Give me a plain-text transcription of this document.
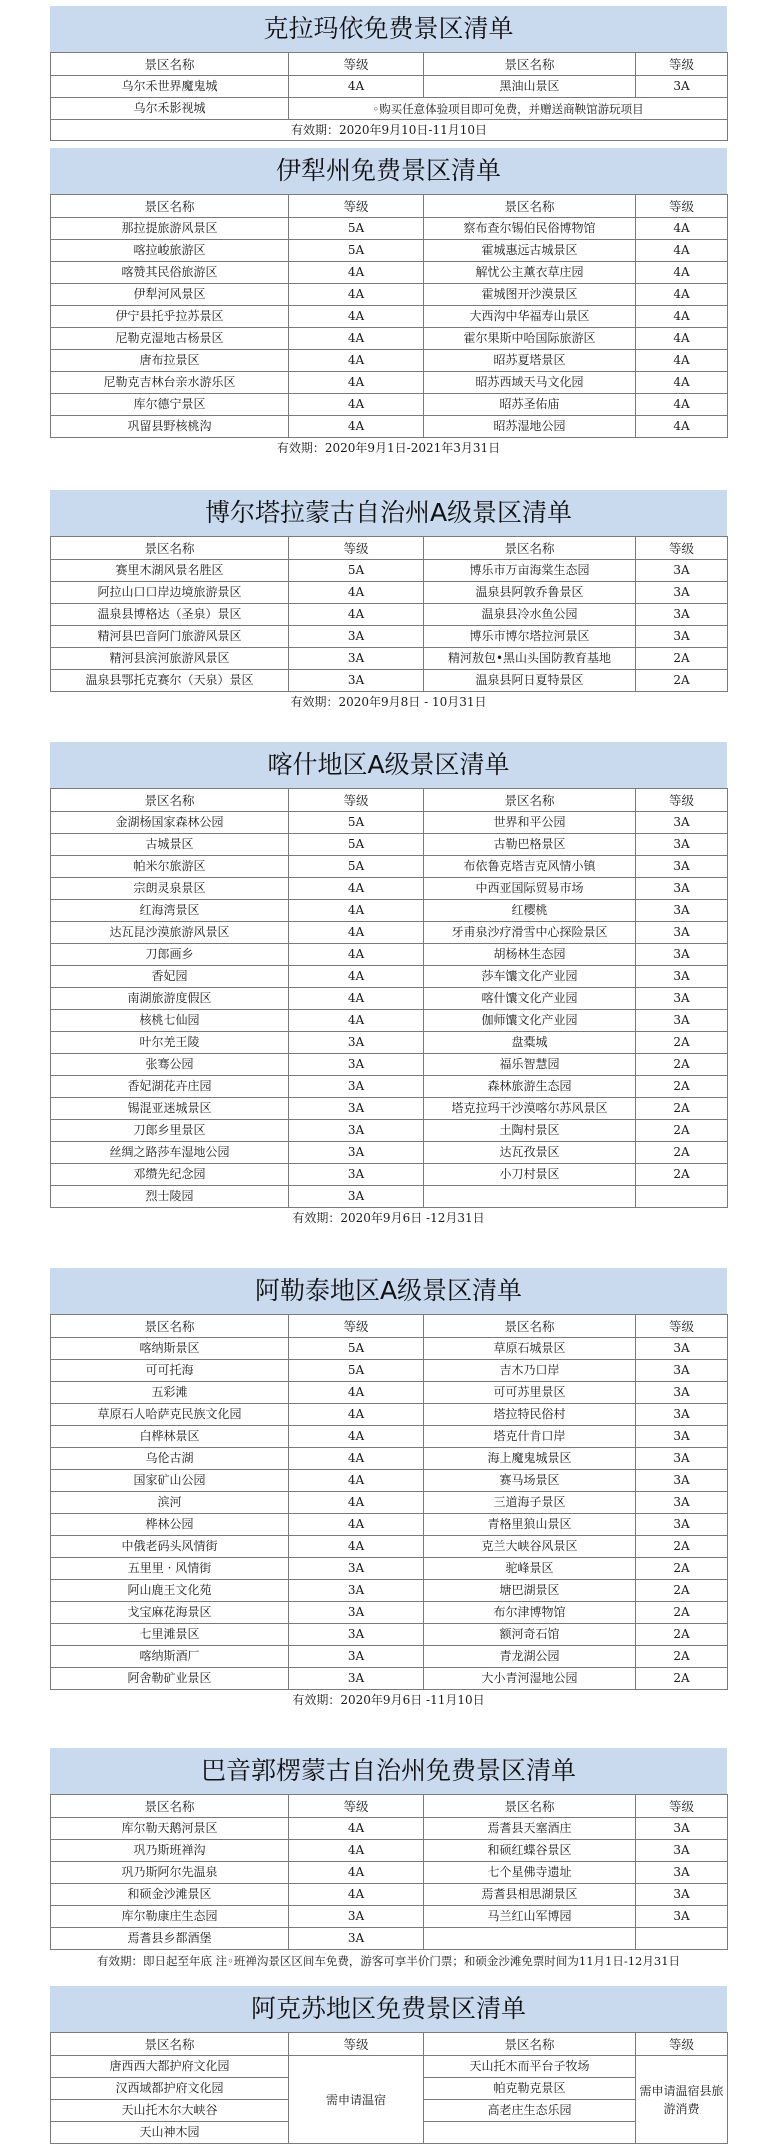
克拉玛依免费景区清单
景区名称	等级	景区名称	等级
乌尔禾世界魔鬼城	4A	黑油山景区	3A
乌尔禾影视城	◦购买任意体验项目即可免费，并赠送商鞅馆游玩项目		
有效期：2020年9月10日-11月10日			
伊犁州免费景区清单
景区名称	等级	景区名称	等级
那拉提旅游风景区	5A	察布查尔锡伯民俗博物馆	4A
喀拉峻旅游区	5A	霍城惠远古城景区	4A
喀赞其民俗旅游区	4A	解忧公主薰衣草庄园	4A
伊犁河风景区	4A	霍城图开沙漠景区	4A
伊宁县托乎拉苏景区	4A	大西沟中华福寿山景区	4A
尼勒克湿地古杨景区	4A	霍尔果斯中哈国际旅游区	4A
唐布拉景区	4A	昭苏夏塔景区	4A
尼勒克吉林台亲水游乐区	4A	昭苏西域天马文化园	4A
库尔德宁景区	4A	昭苏圣佑庙	4A
巩留县野核桃沟	4A	昭苏湿地公园	4A
有效期：2020年9月1日-2021年3月31日
博尔塔拉蒙古自治州A级景区清单
景区名称	等级	景区名称	等级
赛里木湖风景名胜区	5A	博乐市万亩海棠生态园	3A
阿拉山口口岸边境旅游景区	4A	温泉县阿敦乔鲁景区	3A
温泉县博格达（圣泉）景区	4A	温泉县冷水鱼公园	3A
精河县巴音阿门旅游风景区	3A	博乐市博尔塔拉河景区	3A
精河县滨河旅游风景区	3A	精河敖包•黑山头国防教育基地	2A
温泉县鄂托克赛尔（天泉）景区	3A	温泉县阿日夏特景区	2A
有效期：2020年9月8日 - 10月31日
喀什地区A级景区清单
景区名称	等级	景区名称	等级
金湖杨国家森林公园	5A	世界和平公园	3A
古城景区	5A	古勒巴格景区	3A
帕米尔旅游区	5A	布依鲁克塔吉克风情小镇	3A
宗朗灵泉景区	4A	中西亚国际贸易市场	3A
红海湾景区	4A	红樱桃	3A
达瓦昆沙漠旅游风景区	4A	牙甫泉沙疗滑雪中心探险景区	3A
刀郎画乡	4A	胡杨林生态园	3A
香妃园	4A	莎车馕文化产业园	3A
南湖旅游度假区	4A	喀什馕文化产业园	3A
核桃七仙园	4A	伽师馕文化产业园	3A
叶尔羌王陵	3A	盘橐城	2A
张骞公园	3A	福乐智慧园	2A
香妃湖花卉庄园	3A	森林旅游生态园	2A
锡混亚迷城景区	3A	塔克拉玛干沙漠喀尔苏风景区	2A
刀郎乡里景区	3A	土陶村景区	2A
丝绸之路莎车湿地公园	3A	达瓦孜景区	2A
邓缵先纪念园	3A	小刀村景区	2A
烈士陵园	3A		
有效期：2020年9月6日 -12月31日
阿勒泰地区A级景区清单
景区名称	等级	景区名称	等级
喀纳斯景区	5A	草原石城景区	3A
可可托海	5A	吉木乃口岸	3A
五彩滩	4A	可可苏里景区	3A
草原石人哈萨克民族文化园	4A	塔拉特民俗村	3A
白桦林景区	4A	塔克什肯口岸	3A
乌伦古湖	4A	海上魔鬼城景区	3A
国家矿山公园	4A	赛马场景区	3A
滨河	4A	三道海子景区	3A
桦林公园	4A	青格里狼山景区	3A
中俄老码头风情街	4A	克兰大峡谷风景区	2A
五里里 · 风情街	3A	驼峰景区	2A
阿山鹿王文化苑	3A	塘巴湖景区	2A
戈宝麻花海景区	3A	布尔津博物馆	2A
七里滩景区	3A	额河奇石馆	2A
喀纳斯酒厂	3A	青龙湖公园	2A
阿舍勒矿业景区	3A	大小青河湿地公园	2A
有效期：2020年9月6日 -11月10日
巴音郭楞蒙古自治州免费景区清单
景区名称	等级	景区名称	等级
库尔勒天鹅河景区	4A	焉耆县天塞酒庄	3A
巩乃斯班禅沟	4A	和硕红蝶谷景区	3A
巩乃斯阿尔先温泉	4A	七个星佛寺遗址	3A
和硕金沙滩景区	4A	焉耆县相思湖景区	3A
库尔勒康庄生态园	3A	马兰红山军博园	3A
焉耆县乡都酒堡	3A		
有效期：即日起至年底 注◦班禅沟景区区间车免费，游客可享半价门票；和硕金沙滩免票时间为11月1日-12月31日
阿克苏地区免费景区清单
景区名称	等级	景区名称	等级
唐西西大都护府文化园	需申请温宿	天山托木而平台子牧场	需申请温宿县旅游消费
汉西域都护府文化园		帕克勒克景区	
天山托木尔大峡谷		高老庄生态乐园	
天山神木园			
